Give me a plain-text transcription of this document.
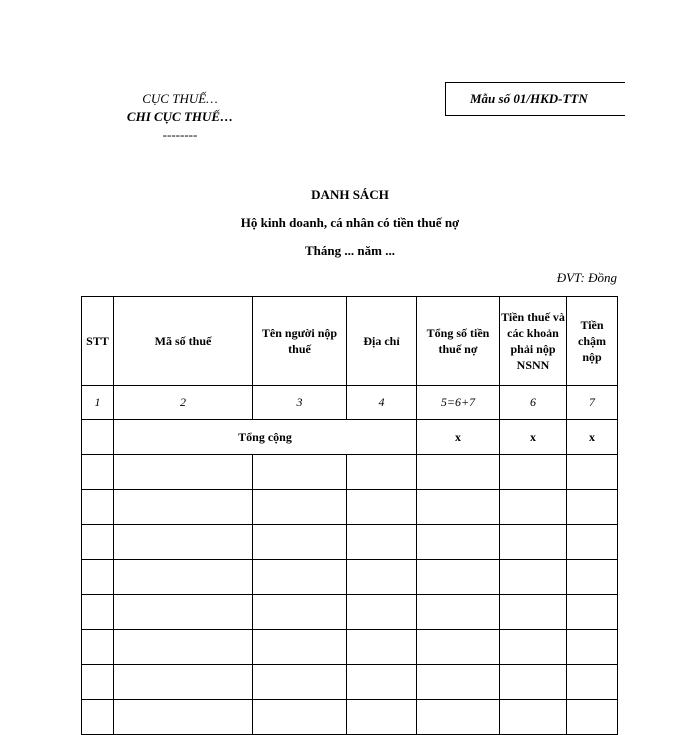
CỤC THUẾ…
CHI CỤC THUẾ…
--------
Mẫu số 01/HKD-TTN
DANH SÁCH
Hộ kinh doanh, cá nhân có tiền thuế nợ
Tháng ... năm ...
ĐVT: Đồng
STT	Mã số thuế	Tên người nộp thuế	Địa chỉ	Tổng số tiền thuế nợ	Tiền thuế và các khoản phải nộp NSNN	Tiền chậm nộp
1	2	3	4	5=6+7	6	7
	Tổng cộng			x	x	x
